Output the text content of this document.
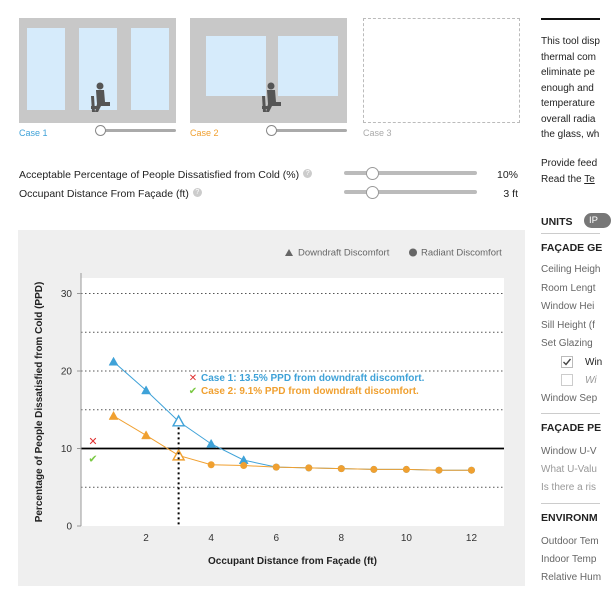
Case 1	Case 2	Case 3
Acceptable Percentage of People Dissatisfied from Cold (%) ?	10%
Occupant Distance From Façade (ft) ?	3 ft
0
10
20
30
2	4	6	8	10	12
Occupant Distance from Façade (ft)
Percentage of People Dissatisfied from Cold (PPD)
Downdraft Discomfort	Radiant Discomfort
✕
✔
✕ Case 1: 13.5% PPD from downdraft discomfort.
✔ Case 2: 9.1% PPD from downdraft discomfort.
This tool disp
thermal com
eliminate pe
enough and
temperature
overall radia
the glass, wh
Provide feed
Read the Te
UNITS	IP
FAÇADE GE
Ceiling Heigh
Room Lengt
Window Hei
Sill Height (f
Set Glazing
Win
Wi
Window Sep
FAÇADE PE
Window U-V
What U-Valu
Is there a ris
ENVIRONM
Outdoor Tem
Indoor Temp
Relative Hum
